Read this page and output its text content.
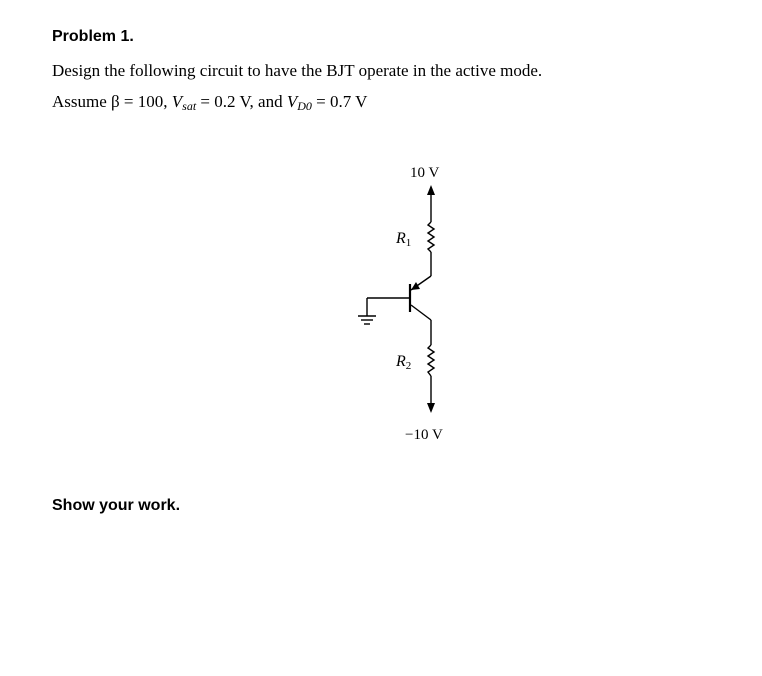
Problem 1.
Design the following circuit to have the BJT operate in the active mode.
Assume β = 100, $V_{sat} = 0.2$ V, and $V_{D0} = 0.7$ V
10 V
R1
R2
−10 V
Show your work.
